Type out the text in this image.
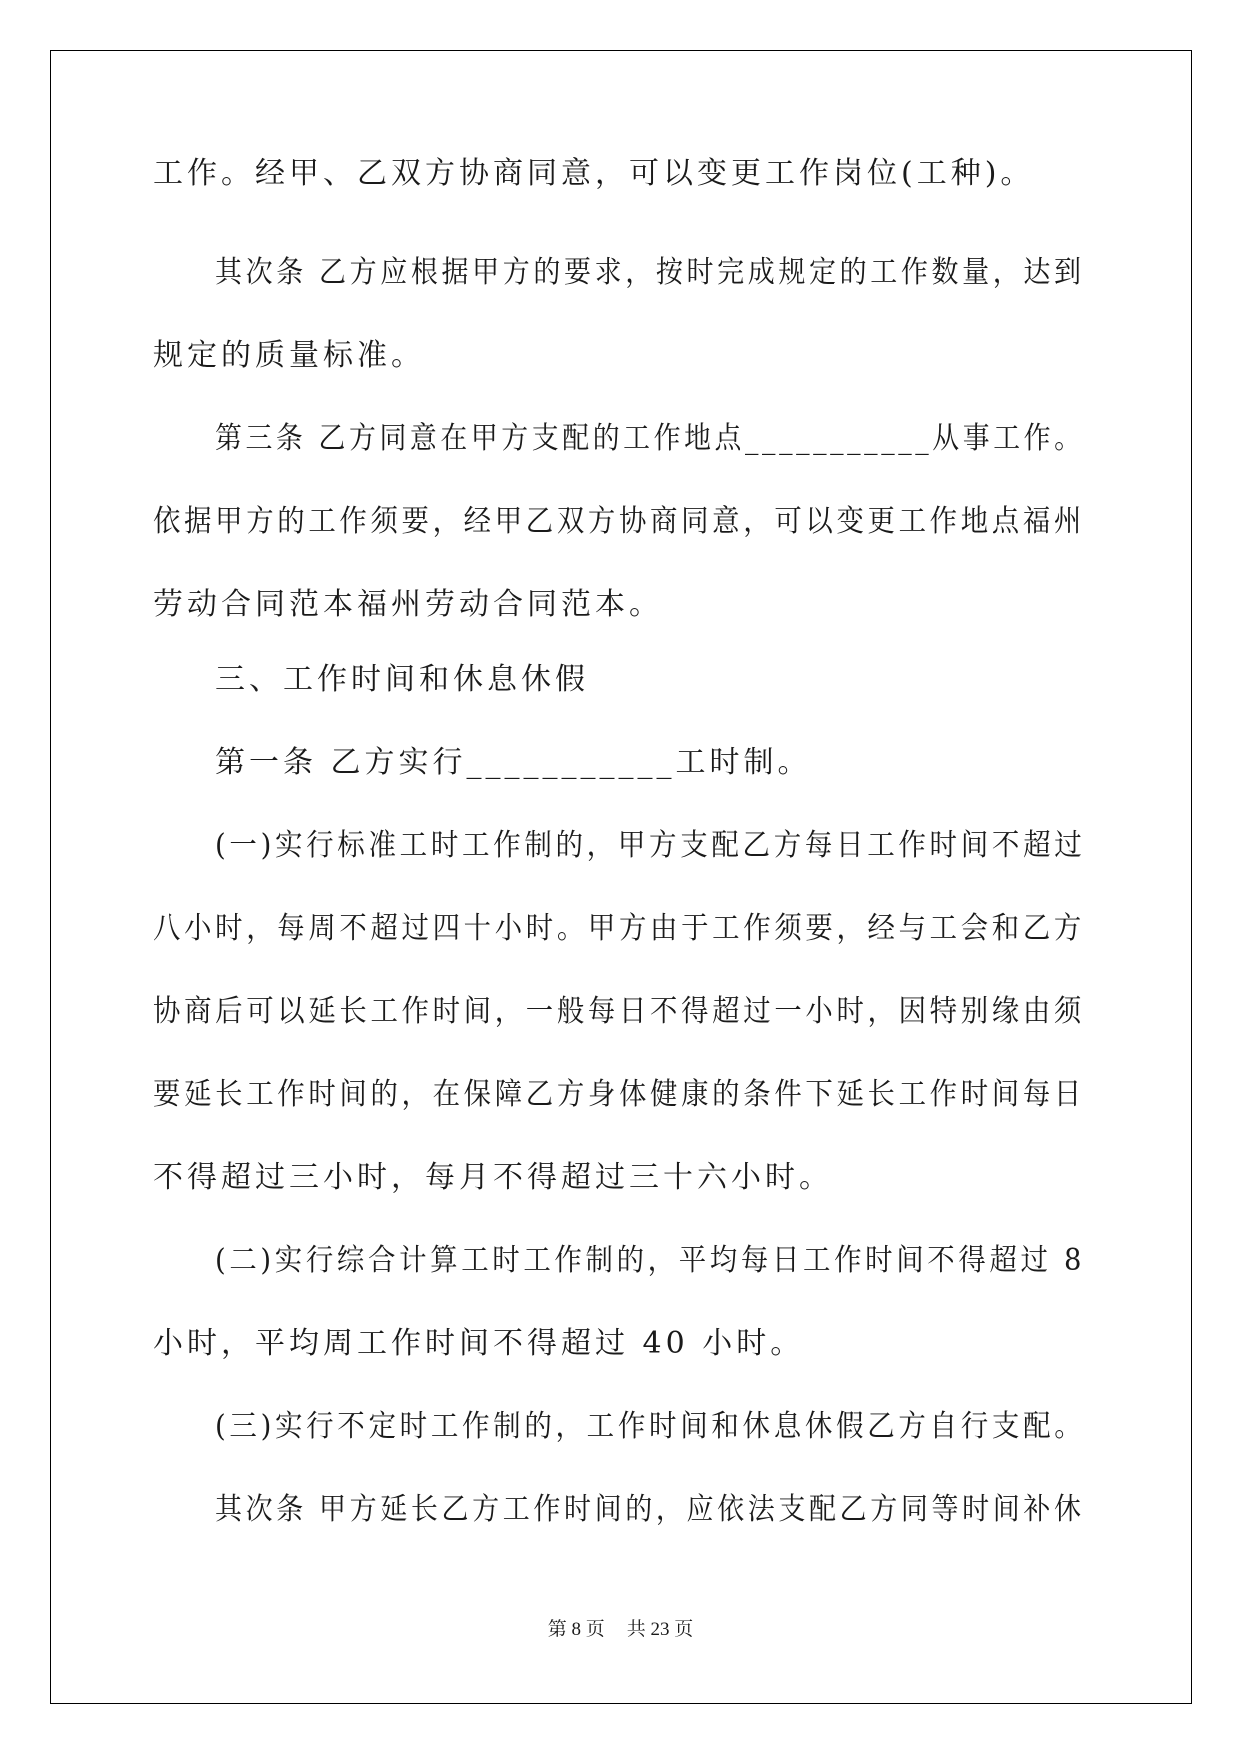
工作。经甲、乙双方协商同意，可以变更工作岗位(工种)。

其次条 乙方应根据甲方的要求，按时完成规定的工作数量，达到

规定的质量标准。

第三条 乙方同意在甲方支配的工作地点___________从事工作。

依据甲方的工作须要，经甲乙双方协商同意，可以变更工作地点福州

劳动合同范本福州劳动合同范本。

三、工作时间和休息休假

第一条 乙方实行___________工时制。

(一)实行标准工时工作制的，甲方支配乙方每日工作时间不超过

八小时，每周不超过四十小时。甲方由于工作须要，经与工会和乙方

协商后可以延长工作时间，一般每日不得超过一小时，因特别缘由须

要延长工作时间的，在保障乙方身体健康的条件下延长工作时间每日

不得超过三小时，每月不得超过三十六小时。

(二)实行综合计算工时工作制的，平均每日工作时间不得超过 8

小时，平均周工作时间不得超过 40 小时。

(三)实行不定时工作制的，工作时间和休息休假乙方自行支配。

其次条 甲方延长乙方工作时间的，应依法支配乙方同等时间补休

第 8 页 共 23 页
